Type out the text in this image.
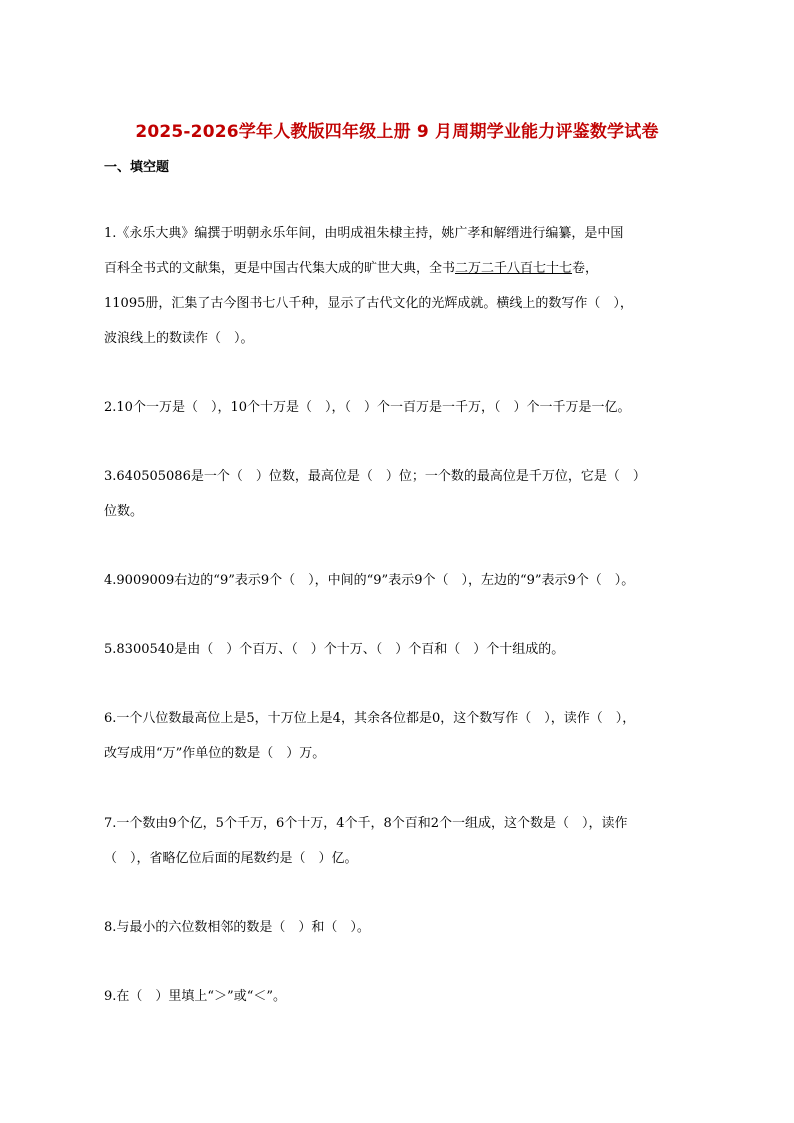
2025-2026学年人教版四年级上册 9 月周期学业能力评鉴数学试卷
一、填空题
1.《永乐大典》编撰于明朝永乐年间，由明成祖朱棣主持，姚广孝和解缙进行编纂，是中国
百科全书式的文献集，更是中国古代集大成的旷世大典，全书二万二千八百七十七卷，
11095册，汇集了古今图书七八千种，显示了古代文化的光辉成就。横线上的数写作（　），
波浪线上的数读作（　）。
2.10个一万是（　），10个十万是（　），（　）个一百万是一千万，（　）个一千万是一亿。
3.640505086是一个（　）位数，最高位是（　）位；一个数的最高位是千万位，它是（　）
位数。
4.9009009右边的“9”表示9个（　），中间的“9”表示9个（　），左边的“9”表示9个（　）。
5.8300540是由（　）个百万、（　）个十万、（　）个百和（　）个十组成的。
6.一个八位数最高位上是5，十万位上是4，其余各位都是0，这个数写作（　），读作（　），
改写成用“万”作单位的数是（　）万。
7.一个数由9个亿，5个千万，6个十万，4个千，8个百和2个一组成，这个数是（　），读作
（　），省略亿位后面的尾数约是（　）亿。
8.与最小的六位数相邻的数是（　）和（　）。
9.在（　）里填上“＞”或“＜”。
